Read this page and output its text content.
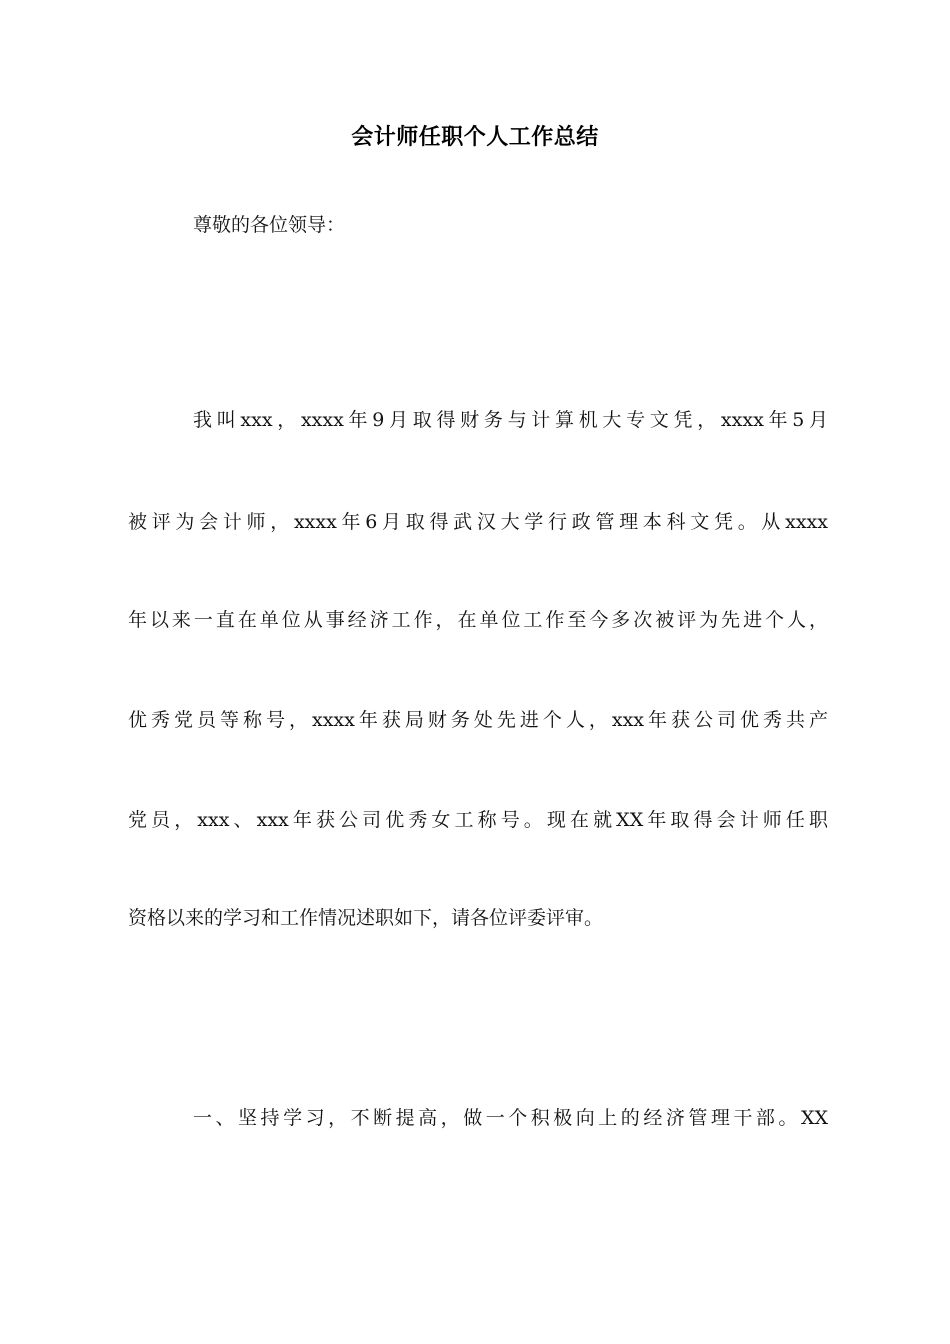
会计师任职个人工作总结
尊敬的各位领导：
我叫xxx，xxxx年9月取得财务与计算机大专文凭，xxxx年5月
被评为会计师，xxxx年6月取得武汉大学行政管理本科文凭。从xxxx
年以来一直在单位从事经济工作，在单位工作至今多次被评为先进个人，
优秀党员等称号，xxxx年获局财务处先进个人，xxx年获公司优秀共产
党员，xxx、xxx年获公司优秀女工称号。现在就XX年取得会计师任职
资格以来的学习和工作情况述职如下，请各位评委评审。
一、坚持学习，不断提高，做一个积极向上的经济管理干部。XX
